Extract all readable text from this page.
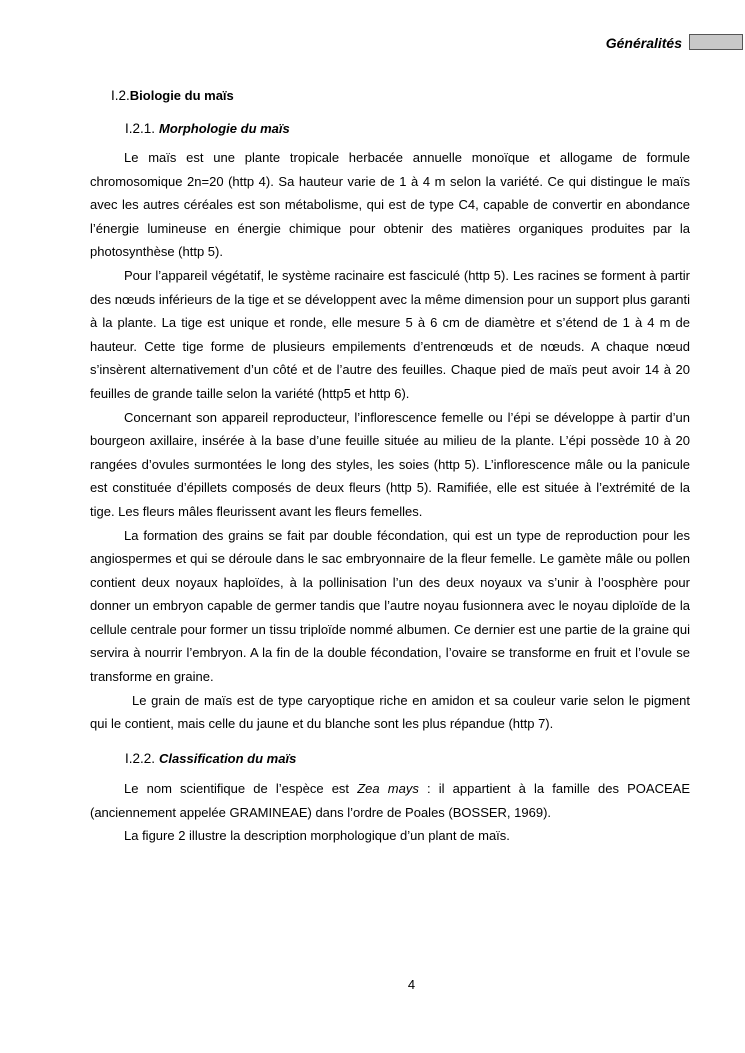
Généralités
I.2.Biologie du maïs
I.2.1. Morphologie du maïs

Le maïs est une plante tropicale herbacée annuelle monoïque et allogame de formule chromosomique 2n=20 (http 4). Sa hauteur varie de 1 à 4 m selon la variété. Ce qui distingue le maïs avec les autres céréales est son métabolisme, qui est de type C4, capable de convertir en abondance l’énergie lumineuse en énergie chimique pour obtenir des matières organiques produites par la photosynthèse (http 5).

Pour l’appareil végétatif, le système racinaire est fasciculé (http 5). Les racines se forment à partir des nœuds inférieurs de la tige et se développent avec la même dimension pour un support plus garanti à la plante. La tige est unique et ronde, elle mesure 5 à 6 cm de diamètre et s’étend de 1 à 4 m de hauteur. Cette tige forme de plusieurs empilements d’entrenœuds et de nœuds. A chaque nœud s’insèrent alternativement d’un côté et de l’autre des feuilles. Chaque pied de maïs peut avoir 14 à 20 feuilles de grande taille selon la variété (http5 et http 6).

Concernant son appareil reproducteur, l’inflorescence femelle ou l’épi se développe à partir d’un bourgeon axillaire, insérée à la base d’une feuille située au milieu de la plante. L’épi possède 10 à 20 rangées d’ovules surmontées le long des styles, les soies (http 5). L’inflorescence mâle ou la panicule est constituée d’épillets composés de deux fleurs (http 5). Ramifiée, elle est située à l’extrémité de la tige. Les fleurs mâles fleurissent avant les fleurs femelles.

La formation des grains se fait par double fécondation, qui est un type de reproduction pour les angiospermes et qui se déroule dans le sac embryonnaire de la fleur femelle. Le gamète mâle ou pollen contient deux noyaux haploïdes, à la pollinisation l’un des deux noyaux va s’unir à l’oosphère pour donner un embryon capable de germer tandis que l’autre noyau fusionnera avec le noyau diploïde de la cellule centrale pour former un tissu triploïde nommé albumen. Ce dernier est une partie de la graine qui servira à nourrir l’embryon. A la fin de la double fécondation, l’ovaire se transforme en fruit et l’ovule se transforme en graine.

Le grain de maïs est de type caryoptique riche en amidon et sa couleur varie selon le pigment qui le contient, mais celle du jaune et du blanche sont les plus répandue (http 7).

I.2.2. Classification du maïs

Le nom scientifique de l’espèce est Zea mays : il appartient à la famille des POACEAE (anciennement appelée GRAMINEAE) dans l’ordre de Poales (BOSSER, 1969).

La figure 2 illustre la description morphologique d’un plant de maïs.

4
